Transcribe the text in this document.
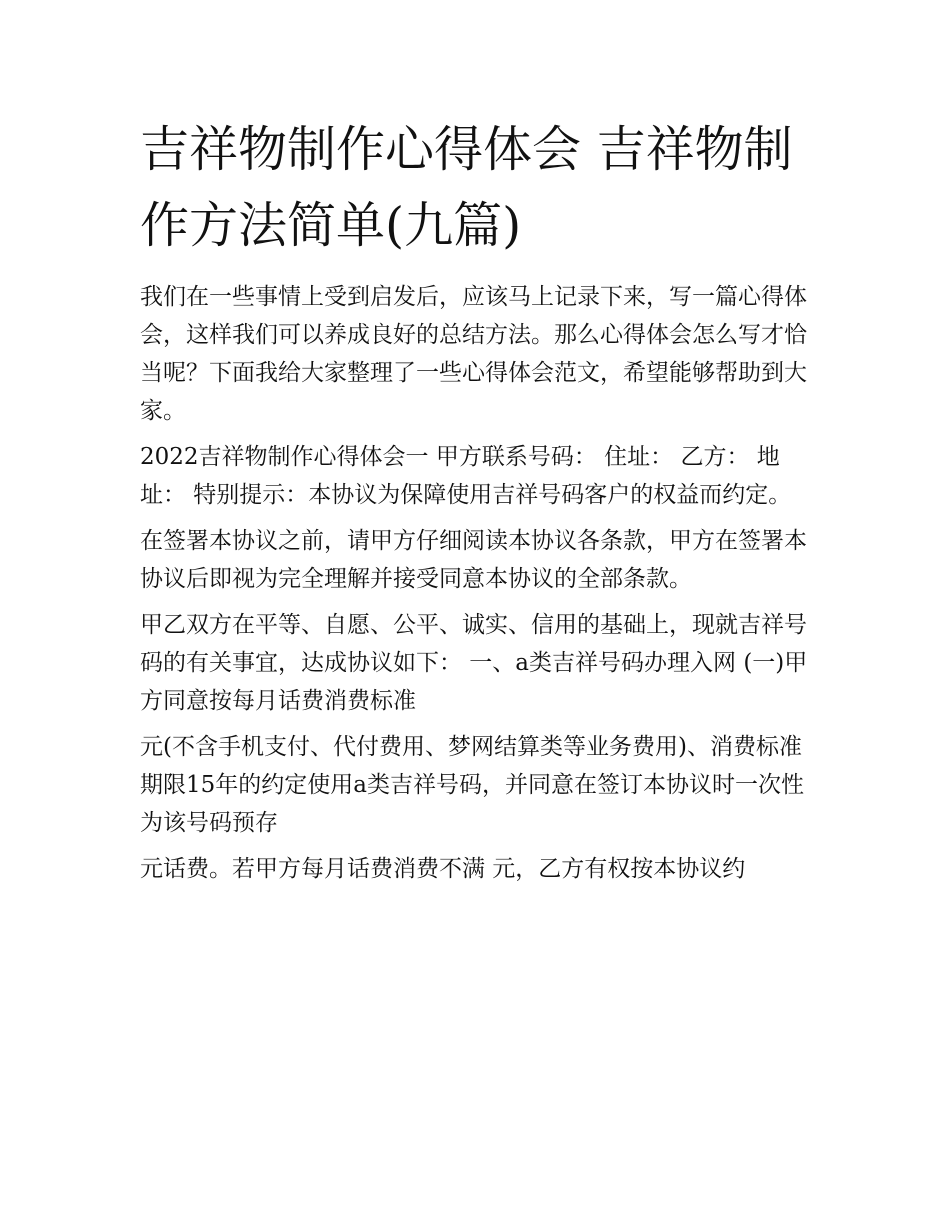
吉祥物制作心得体会 吉祥物制作方法简单(九篇)

我们在一些事情上受到启发后，应该马上记录下来，写一篇心得体会，这样我们可以养成良好的总结方法。那么心得体会怎么写才恰当呢？下面我给大家整理了一些心得体会范文，希望能够帮助到大家。

2022吉祥物制作心得体会一 甲方联系号码： 住址： 乙方： 地址： 特别提示：本协议为保障使用吉祥号码客户的权益而约定。

在签署本协议之前，请甲方仔细阅读本协议各条款，甲方在签署本协议后即视为完全理解并接受同意本协议的全部条款。

甲乙双方在平等、自愿、公平、诚实、信用的基础上，现就吉祥号码的有关事宜，达成协议如下： 一、a类吉祥号码办理入网 (一)甲方同意按每月话费消费标准

元(不含手机支付、代付费用、梦网结算类等业务费用)、消费标准期限15年的约定使用a类吉祥号码，并同意在签订本协议时一次性为该号码预存

元话费。若甲方每月话费消费不满 元，乙方有权按本协议约
